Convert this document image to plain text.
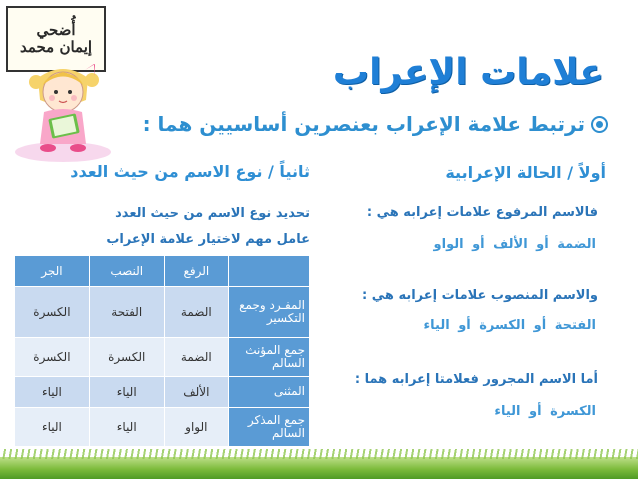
أُضحي
إيمان محمد
علامات الإعراب
ترتبط علامة الإعراب بعنصرين أساسيين هما :
أولاً / الحالة الإعرابية
فالاسم المرفوع علامات إعرابه هي :
الضمة أو الألف أو الواو
والاسم المنصوب علامات إعرابه هي :
الفتحة أو الكسرة أو الياء
أما الاسم المجرور فعلامتا إعرابه هما :
الكسرة أو الياء
ثانياً / نوع الاسم من حيث العدد
تحديد نوع الاسم من حيث العدد
عامل مهم لاختيار علامة الإعراب
	الرفع	النصب	الجر
المفـرد وجمع التكسير	الضمة	الفتحة	الكسرة
جمع المؤنث السالم	الضمة	الكسرة	الكسرة
المثنى	الألف	الياء	الياء
جمع المذكر السالم	الواو	الياء	الياء
